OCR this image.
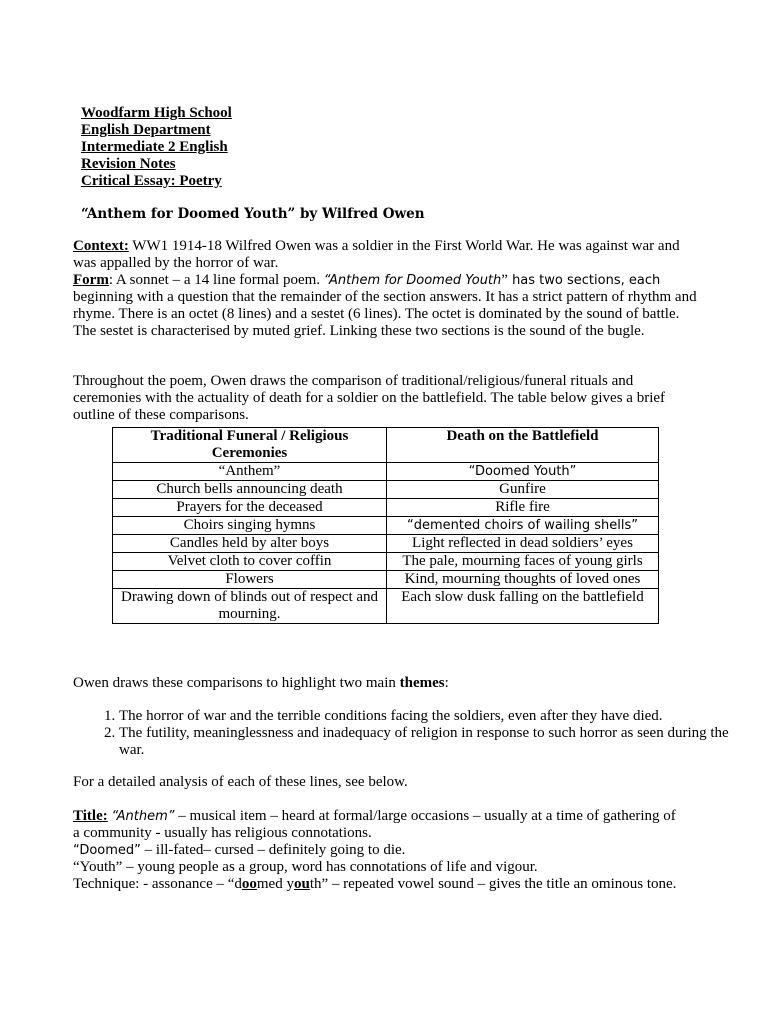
Woodfarm High School
English Department
Intermediate 2 English
Revision Notes
Critical Essay: Poetry
“Anthem for Doomed Youth” by Wilfred Owen
Context: WW1 1914-18 Wilfred Owen was a soldier in the First World War. He was against war and was appalled by the horror of war.
Form: A sonnet – a 14 line formal poem. “Anthem for Doomed Youth” has two sections, each beginning with a question that the remainder of the section answers. It has a strict pattern of rhythm and rhyme. There is an octet (8 lines) and a sestet (6 lines). The octet is dominated by the sound of battle. The sestet is characterised by muted grief. Linking these two sections is the sound of the bugle.
Throughout the poem, Owen draws the comparison of traditional/religious/funeral rituals and ceremonies with the actuality of death for a soldier on the battlefield. The table below gives a brief outline of these comparisons.
Traditional Funeral / Religious Ceremonies	Death on the Battlefield
“Anthem”	“Doomed Youth”
Church bells announcing death	Gunfire
Prayers for the deceased	Rifle fire
Choirs singing hymns	“demented choirs of wailing shells”
Candles held by alter boys	Light reflected in dead soldiers’ eyes
Velvet cloth to cover coffin	The pale, mourning faces of young girls
Flowers	Kind, mourning thoughts of loved ones
Drawing down of blinds out of respect and mourning.	Each slow dusk falling on the battlefield
Owen draws these comparisons to highlight two main themes:
1. The horror of war and the terrible conditions facing the soldiers, even after they have died.
2. The futility, meaninglessness and inadequacy of religion in response to such horror as seen during the war.
For a detailed analysis of each of these lines, see below.
Title: “Anthem” – musical item – heard at formal/large occasions – usually at a time of gathering of
a community - usually has religious connotations.
“Doomed” – ill-fated– cursed – definitely going to die.
“Youth” – young people as a group, word has connotations of life and vigour.
Technique: - assonance – “doomed youth” – repeated vowel sound – gives the title an ominous tone.
